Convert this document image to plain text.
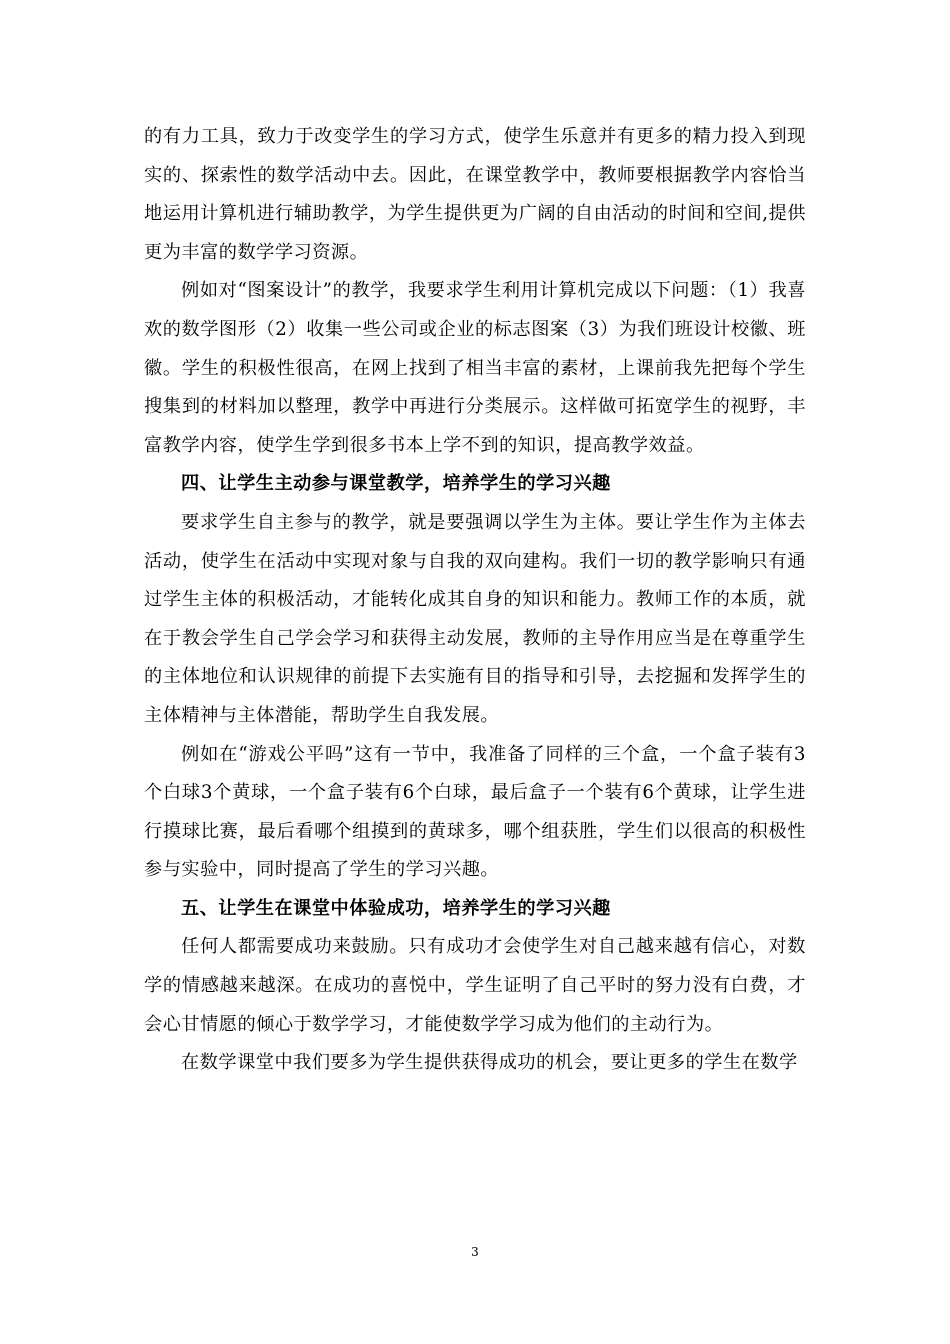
的有力工具，致力于改变学生的学习方式，使学生乐意并有更多的精力投入到现实的、探索性的数学活动中去。因此，在课堂教学中，教师要根据教学内容恰当地运用计算机进行辅助教学，为学生提供更为广阔的自由活动的时间和空间,提供更为丰富的数学学习资源。

例如对“图案设计”的教学，我要求学生利用计算机完成以下问题：（1）我喜欢的数学图形（2）收集一些公司或企业的标志图案（3）为我们班设计校徽、班徽。学生的积极性很高，在网上找到了相当丰富的素材，上课前我先把每个学生搜集到的材料加以整理，教学中再进行分类展示。这样做可拓宽学生的视野，丰富教学内容，使学生学到很多书本上学不到的知识，提高教学效益。

四、让学生主动参与课堂教学，培养学生的学习兴趣

要求学生自主参与的教学，就是要强调以学生为主体。要让学生作为主体去活动，使学生在活动中实现对象与自我的双向建构。我们一切的教学影响只有通过学生主体的积极活动，才能转化成其自身的知识和能力。教师工作的本质，就在于教会学生自己学会学习和获得主动发展，教师的主导作用应当是在尊重学生的主体地位和认识规律的前提下去实施有目的指导和引导，去挖掘和发挥学生的主体精神与主体潜能，帮助学生自我发展。

例如在“游戏公平吗”这有一节中，我准备了同样的三个盒，一个盒子装有3个白球3个黄球，一个盒子装有6个白球，最后盒子一个装有6个黄球，让学生进行摸球比赛，最后看哪个组摸到的黄球多，哪个组获胜，学生们以很高的积极性参与实验中，同时提高了学生的学习兴趣。

五、让学生在课堂中体验成功，培养学生的学习兴趣

任何人都需要成功来鼓励。只有成功才会使学生对自己越来越有信心，对数学的情感越来越深。在成功的喜悦中，学生证明了自己平时的努力没有白费，才会心甘情愿的倾心于数学学习，才能使数学学习成为他们的主动行为。

在数学课堂中我们要多为学生提供获得成功的机会，要让更多的学生在数学

3
